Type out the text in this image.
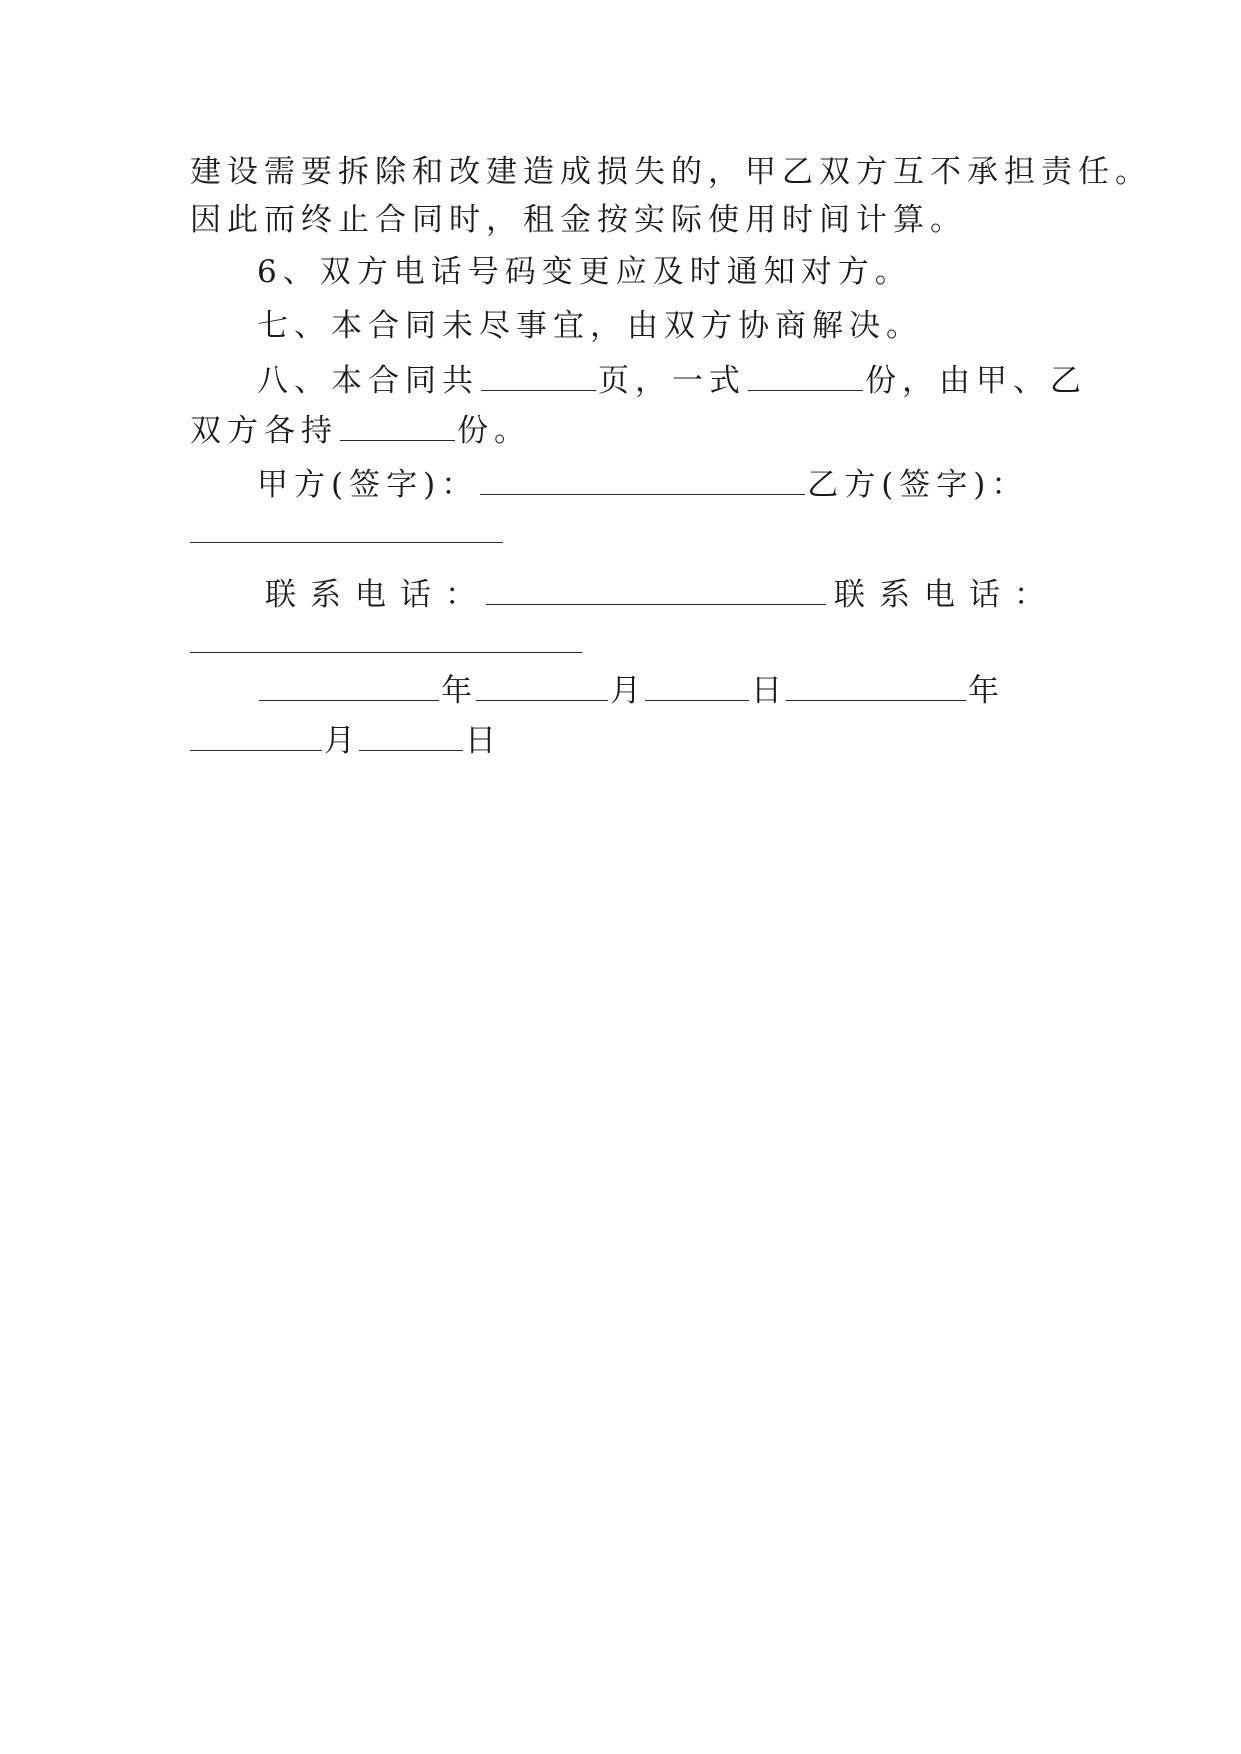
建设需要拆除和改建造成损失的，甲乙双方互不承担责任。
因此而终止合同时，租金按实际使用时间计算。
6、双方电话号码变更应及时通知对方。
七、本合同未尽事宜，由双方协商解决。
八、本合同共	页，一式	份，由甲、乙
双方各持	份。
甲方(签字)：	乙方(签字)：
联系电话：	联系电话：
年	月	日	年
月	日
